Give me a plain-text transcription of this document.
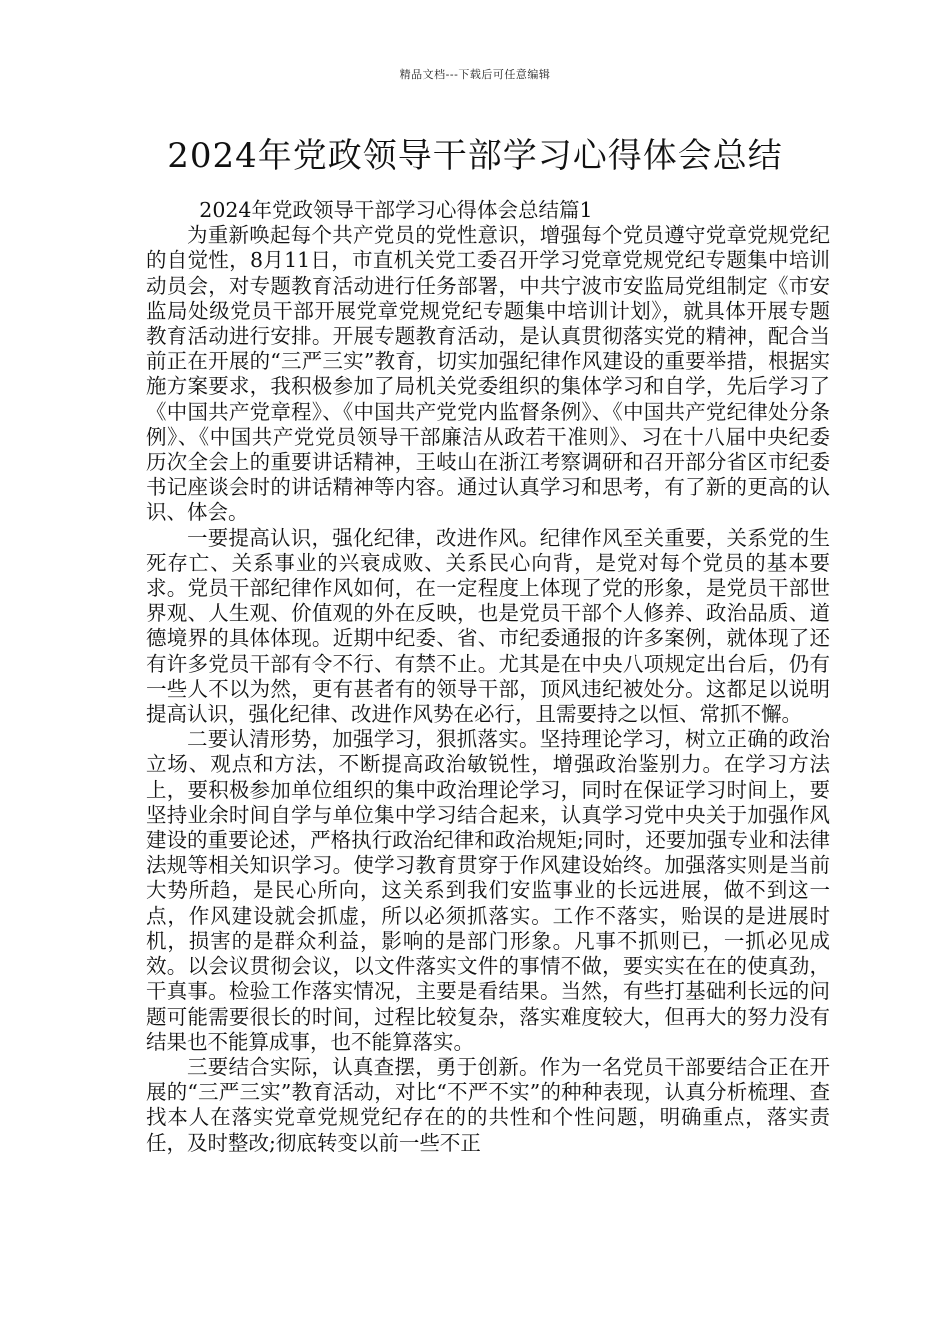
精品文档---下载后可任意编辑
2024年党政领导干部学习心得体会总结

2024年党政领导干部学习心得体会总结篇1

为重新唤起每个共产党员的党性意识，增强每个党员遵守党章党规党纪的自觉性，8月11日，市直机关党工委召开学习党章党规党纪专题集中培训动员会，对专题教育活动进行任务部署，中共宁波市安监局党组制定《市安监局处级党员干部开展党章党规党纪专题集中培训计划》，就具体开展专题教育活动进行安排。开展专题教育活动，是认真贯彻落实党的精神，配合当前正在开展的“三严三实”教育，切实加强纪律作风建设的重要举措，根据实施方案要求，我积极参加了局机关党委组织的集体学习和自学，先后学习了《中国共产党章程》、《中国共产党党内监督条例》、《中国共产党纪律处分条例》、《中国共产党党员领导干部廉洁从政若干准则》、习在十八届中央纪委历次全会上的重要讲话精神，王岐山在浙江考察调研和召开部分省区市纪委书记座谈会时的讲话精神等内容。通过认真学习和思考，有了新的更高的认识、体会。

一要提高认识，强化纪律，改进作风。纪律作风至关重要，关系党的生死存亡、关系事业的兴衰成败、关系民心向背，是党对每个党员的基本要求。党员干部纪律作风如何，在一定程度上体现了党的形象，是党员干部世界观、人生观、价值观的外在反映，也是党员干部个人修养、政治品质、道德境界的具体体现。近期中纪委、省、市纪委通报的许多案例，就体现了还有许多党员干部有令不行、有禁不止。尤其是在中央八项规定出台后，仍有一些人不以为然，更有甚者有的领导干部，顶风违纪被处分。这都足以说明提高认识，强化纪律、改进作风势在必行，且需要持之以恒、常抓不懈。

二要认清形势，加强学习，狠抓落实。坚持理论学习，树立正确的政治立场、观点和方法，不断提高政治敏锐性，增强政治鉴别力。在学习方法上，要积极参加单位组织的集中政治理论学习，同时在保证学习时间上，要坚持业余时间自学与单位集中学习结合起来，认真学习党中央关于加强作风建设的重要论述，严格执行政治纪律和政治规矩;同时，还要加强专业和法律法规等相关知识学习。使学习教育贯穿于作风建设始终。加强落实则是当前大势所趋，是民心所向，这关系到我们安监事业的长远进展，做不到这一点，作风建设就会抓虚，所以必须抓落实。工作不落实，贻误的是进展时机，损害的是群众利益，影响的是部门形象。凡事不抓则已，一抓必见成效。以会议贯彻会议，以文件落实文件的事情不做，要实实在在的使真劲，干真事。检验工作落实情况，主要是看结果。当然，有些打基础利长远的问题可能需要很长的时间，过程比较复杂，落实难度较大，但再大的努力没有结果也不能算成事，也不能算落实。

三要结合实际，认真查摆，勇于创新。作为一名党员干部要结合正在开展的“三严三实”教育活动，对比“不严不实”的种种表现，认真分析梳理、查找本人在落实党章党规党纪存在的的共性和个性问题，明确重点，落实责任，及时整改;彻底转变以前一些不正
